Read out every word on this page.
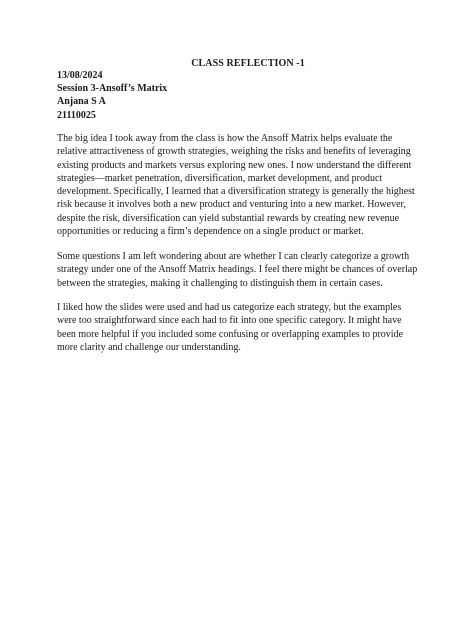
CLASS REFLECTION -1
13/08/2024
Session 3-Ansoff’s Matrix
Anjana S A
21110025

The big idea I took away from the class is how the Ansoff Matrix helps evaluate the relative attractiveness of growth strategies, weighing the risks and benefits of leveraging existing products and markets versus exploring new ones. I now understand the different strategies—market penetration, diversification, market development, and product development. Specifically, I learned that a diversification strategy is generally the highest risk because it involves both a new product and venturing into a new market. However, despite the risk, diversification can yield substantial rewards by creating new revenue opportunities or reducing a firm’s dependence on a single product or market.

Some questions I am left wondering about are whether I can clearly categorize a growth strategy under one of the Ansoff Matrix headings. I feel there might be chances of overlap between the strategies, making it challenging to distinguish them in certain cases.

I liked how the slides were used and had us categorize each strategy, but the examples were too straightforward since each had to fit into one specific category. It might have been more helpful if you included some confusing or overlapping examples to provide more clarity and challenge our understanding.
